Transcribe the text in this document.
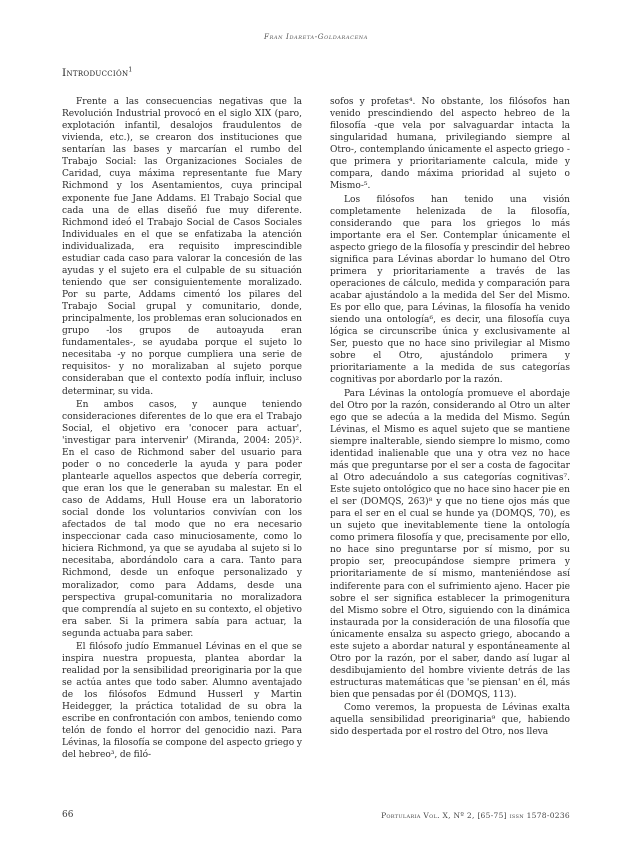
Fran Idareta-Goldaracena
Introducción$^1$

Frente a las consecuencias negativas que la Revolución Industrial provocó en el siglo XIX (paro, explotación infantil, desalojos fraudulentos de vivienda, etc.), se crearon dos instituciones que sentarían las bases y marcarían el rumbo del Trabajo Social: las Organizaciones Sociales de Caridad, cuya máxima representante fue Mary Richmond y los Asentamientos, cuya principal exponente fue Jane Addams. El Trabajo Social que cada una de ellas diseñó fue muy diferente. Richmond ideó el Trabajo Social de Casos Sociales Individuales en el que se enfatizaba la atención individualizada, era requisito imprescindible estudiar cada caso para valorar la concesión de las ayudas y el sujeto era el culpable de su situación teniendo que ser consiguientemente moralizado. Por su parte, Addams cimentó los pilares del Trabajo Social grupal y comunitario, donde, principalmente, los problemas eran solucionados en grupo -los grupos de autoayuda eran fundamentales-, se ayudaba porque el sujeto lo necesitaba -y no porque cumpliera una serie de requisitos- y no moralizaban al sujeto porque consideraban que el contexto podía influir, incluso determinar, su vida.

En ambos casos, y aunque teniendo consideraciones diferentes de lo que era el Trabajo Social, el objetivo era 'conocer para actuar', 'investigar para intervenir' (Miranda, 2004: 205)². En el caso de Richmond saber del usuario para poder o no concederle la ayuda y para poder plantearle aquellos aspectos que debería corregir, que eran los que le generaban su malestar. En el caso de Addams, Hull House era un laboratorio social donde los voluntarios convivían con los afectados de tal modo que no era necesario inspeccionar cada caso minuciosamente, como lo hiciera Richmond, ya que se ayudaba al sujeto si lo necesitaba, abordándolo cara a cara. Tanto para Richmond, desde un enfoque personalizado y moralizador, como para Addams, desde una perspectiva grupal-comunitaria no moralizadora que comprendía al sujeto en su contexto, el objetivo era saber. Si la primera sabía para actuar, la segunda actuaba para saber.

El filósofo judío Emmanuel Lévinas en el que se inspira nuestra propuesta, plantea abordar la realidad por la sensibilidad preoriginaria por la que se actúa antes que todo saber. Alumno aventajado de los filósofos Edmund Husserl y Martin Heidegger, la práctica totalidad de su obra la escribe en confrontación con ambos, teniendo como telón de fondo el horror del genocidio nazi. Para Lévinas, la filosofía se compone del aspecto griego y del hebreo³, de filó-

sofos y profetas⁴. No obstante, los filósofos han venido prescindiendo del aspecto hebreo de la filosofía -que vela por salvaguardar intacta la singularidad humana, privilegiando siempre al Otro-, contemplando únicamente el aspecto griego -que primera y prioritariamente calcula, mide y compara, dando máxima prioridad al sujeto o Mismo-⁵.

Los filósofos han tenido una visión completamente helenizada de la filosofía, considerando que para los griegos lo más importante era el Ser. Contemplar únicamente el aspecto griego de la filosofía y prescindir del hebreo significa para Lévinas abordar lo humano del Otro primera y prioritariamente a través de las operaciones de cálculo, medida y comparación para acabar ajustándolo a la medida del Ser del Mismo. Es por ello que, para Lévinas, la filosofía ha venido siendo una ontología⁶, es decir, una filosofía cuya lógica se circunscribe única y exclusivamente al Ser, puesto que no hace sino privilegiar al Mismo sobre el Otro, ajustándolo primera y prioritariamente a la medida de sus categorías cognitivas por abordarlo por la razón.

Para Lévinas la ontología promueve el abordaje del Otro por la razón, considerando al Otro un alter ego que se adecúa a la medida del Mismo. Según Lévinas, el Mismo es aquel sujeto que se mantiene siempre inalterable, siendo siempre lo mismo, como identidad inalienable que una y otra vez no hace más que preguntarse por el ser a costa de fagocitar al Otro adecuándolo a sus categorías cognitivas⁷. Este sujeto ontológico que no hace sino hacer pie en el ser (DOMQS, 263)⁸ y que no tiene ojos más que para el ser en el cual se hunde ya (DOMQS, 70), es un sujeto que inevitablemente tiene la ontología como primera filosofía y que, precisamente por ello, no hace sino preguntarse por sí mismo, por su propio ser, preocupándose siempre primera y prioritariamente de sí mismo, manteniéndose así indiferente para con el sufrimiento ajeno. Hacer pie sobre el ser significa establecer la primogenitura del Mismo sobre el Otro, siguiendo con la dinámica instaurada por la consideración de una filosofía que únicamente ensalza su aspecto griego, abocando a este sujeto a abordar natural y espontáneamente al Otro por la razón, por el saber, dando así lugar al desdibujamiento del hombre viviente detrás de las estructuras matemáticas que 'se piensan' en él, más bien que pensadas por él (DOMQS, 113).

Como veremos, la propuesta de Lévinas exalta aquella sensibilidad preoriginaria⁹ que, habiendo sido despertada por el rostro del Otro, nos lleva

66	Portularia Vol. X, Nº 2, [65-75] issn 1578-0236
